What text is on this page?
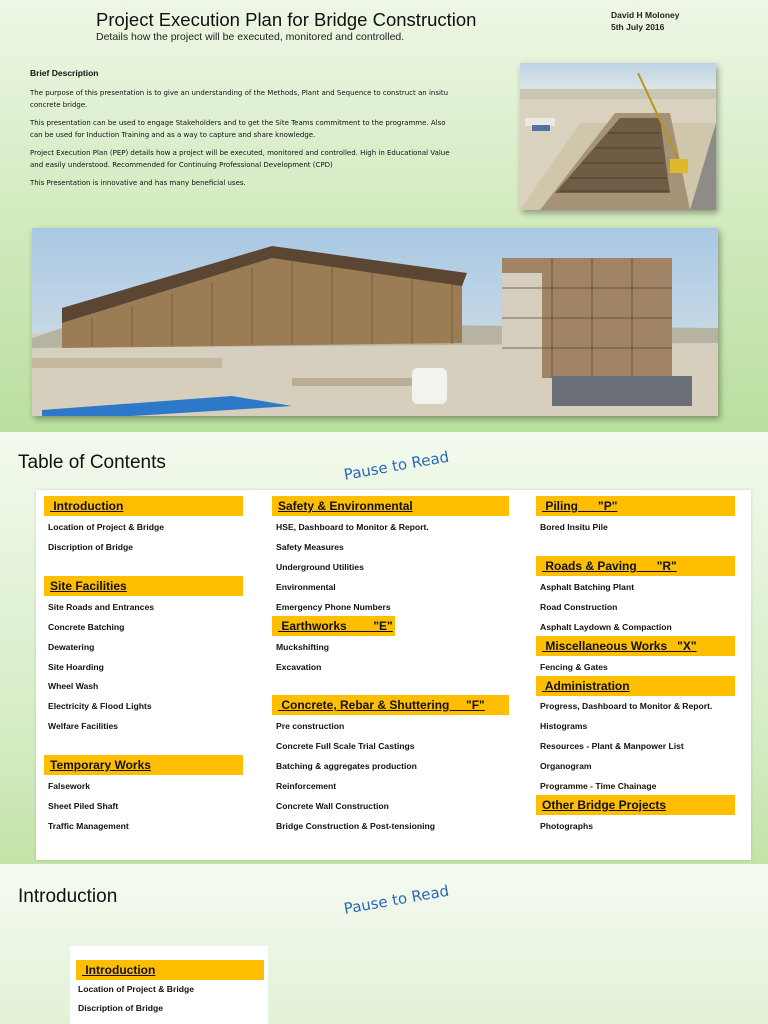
Project Execution Plan for Bridge Construction
Details how the project will be executed, monitored and controlled.
David H Moloney
5th July 2016
Brief Description

The purpose of this presentation is to give an understanding of the Methods, Plant and Sequence to construct an insitu concrete bridge.

This presentation can be used to engage Stakeholders and to get the Site Teams commitment to the programme. Also can be used for Induction Training and as a way to capture and share knowledge.

Project Execution Plan (PEP) details how a project will be executed, monitored and controlled. High in Educational Value and easily understood. Recommended for Continuing Professional Development (CPD)

This Presentation is innovative and has many beneficial uses.

Table of Contents	Pause to Read
Introduction
Location of Project & Bridge
Discription of Bridge
Site Facilities
Site Roads and Entrances
Concrete Batching
Dewatering
Site Hoarding
Wheel Wash
Electricity & Flood Lights
Welfare Facilities
Temporary Works
Falsework
Sheet Piled Shaft
Traffic Management
Safety & Environmental
HSE, Dashboard to Monitor & Report.
Safety Measures
Underground Utilities
Environmental
Emergency Phone Numbers
Earthworks        "E"
Muckshifting
Excavation
Concrete, Rebar & Shuttering     "F"
Pre construction
Concrete Full Scale Trial Castings
Batching & aggregates production
Reinforcement
Concrete Wall Construction
Bridge Construction & Post-tensioning
Piling      "P"
Bored Insitu Pile
Roads & Paving      "R"
Asphalt Batching Plant
Road Construction
Asphalt Laydown & Compaction
Miscellaneous Works   "X"
Fencing & Gates
Administration
Progress, Dashboard to Monitor & Report.
Histograms
Resources - Plant & Manpower List
Organogram
Programme - Time Chainage
Other Bridge Projects
Photographs
Introduction	Pause to Read
Introduction
Location of Project & Bridge
Discription of Bridge
